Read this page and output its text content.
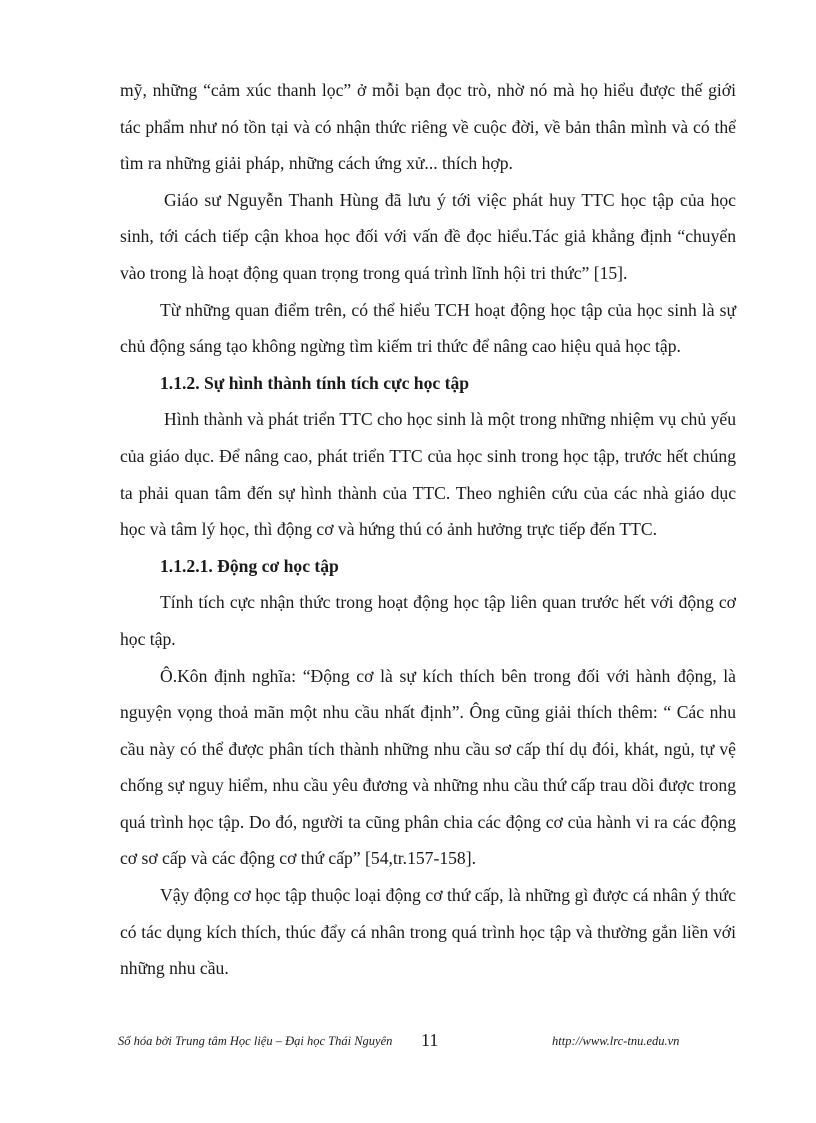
mỹ, những “cảm xúc thanh lọc” ở mỗi bạn đọc trò, nhờ nó mà họ hiểu được thế giới tác phẩm như nó tồn tại và có nhận thức riêng về cuộc đời, về bản thân mình và có thể tìm ra những giải pháp, những cách ứng xử... thích hợp.

Giáo sư Nguyễn Thanh Hùng đã lưu ý tới việc phát huy TTC học tập của học sinh, tới cách tiếp cận khoa học đối với vấn đề đọc hiểu.Tác giả khẳng định “chuyển vào trong là hoạt động quan trọng trong quá trình lĩnh hội tri thức” [15].

Từ những quan điểm trên, có thể hiểu TCH hoạt động học tập của học sinh là sự chủ động sáng tạo không ngừng tìm kiếm tri thức để nâng cao hiệu quả học tập.

1.1.2. Sự hình thành tính tích cực học tập

Hình thành và phát triển TTC cho học sinh là một trong những nhiệm vụ chủ yếu của giáo dục. Để nâng cao, phát triển TTC của học sinh trong học tập, trước hết chúng ta phải quan tâm đến sự hình thành của TTC. Theo nghiên cứu của các nhà giáo dục học và tâm lý học, thì động cơ và hứng thú có ảnh hưởng trực tiếp đến TTC.

1.1.2.1. Động cơ học tập

Tính tích cực nhận thức trong hoạt động học tập liên quan trước hết với động cơ học tập.

Ô.Kôn định nghĩa: “Động cơ là sự kích thích bên trong đối với hành động, là nguyện vọng thoả mãn một nhu cầu nhất định”. Ông cũng giải thích thêm: “ Các nhu cầu này có thể được phân tích thành những nhu cầu sơ cấp thí dụ đói, khát, ngủ, tự vệ chống sự nguy hiểm, nhu cầu yêu đương và những nhu cầu thứ cấp trau dồi được trong quá trình học tập. Do đó, người ta cũng phân chia các động cơ của hành vi ra các động cơ sơ cấp và các động cơ thứ cấp” [54,tr.157-158].

Vậy động cơ học tập thuộc loại động cơ thứ cấp, là những gì được cá nhân ý thức có tác dụng kích thích, thúc đẩy cá nhân trong quá trình học tập và thường gắn liền với những nhu cầu.

Số hóa bởi Trung tâm Học liệu – Đại học Thái Nguyên 11	http://www.lrc-tnu.edu.vn
